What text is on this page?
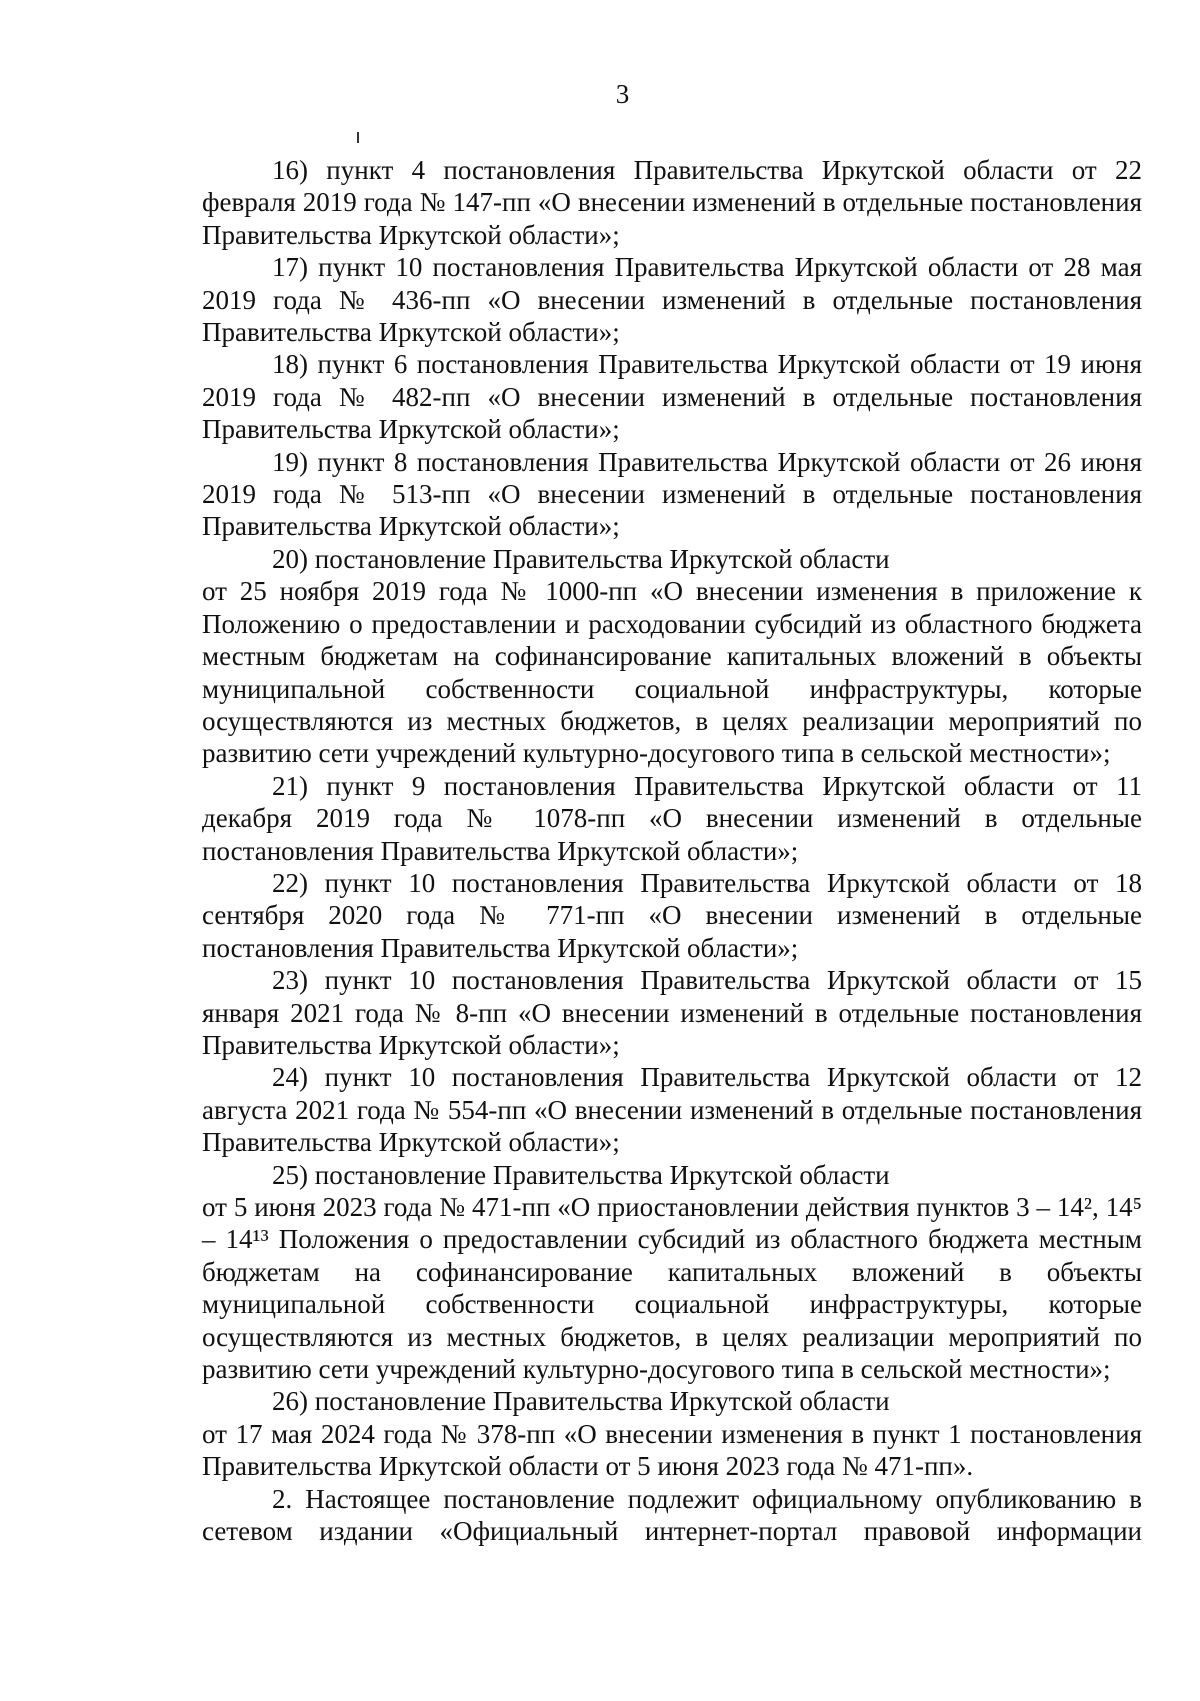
3

16) пункт 4 постановления Правительства Иркутской области от 22 февраля 2019 года № 147-пп «О внесении изменений в отдельные постановления Правительства Иркутской области»;

17) пункт 10 постановления Правительства Иркутской области от 28 мая 2019 года № 436-пп «О внесении изменений в отдельные постановления Правительства Иркутской области»;

18) пункт 6 постановления Правительства Иркутской области от 19 июня 2019 года № 482-пп «О внесении изменений в отдельные постановления Правительства Иркутской области»;

19) пункт 8 постановления Правительства Иркутской области от 26 июня 2019 года № 513-пп «О внесении изменений в отдельные постановления Правительства Иркутской области»;

20) постановление Правительства Иркутской области
от 25 ноября 2019 года № 1000-пп «О внесении изменения в приложение к Положению о предоставлении и расходовании субсидий из областного бюджета местным бюджетам на софинансирование капитальных вложений в объекты муниципальной собственности социальной инфраструктуры, которые осуществляются из местных бюджетов, в целях реализации мероприятий по развитию сети учреждений культурно-досугового типа в сельской местности»;

21) пункт 9 постановления Правительства Иркутской области от 11 декабря 2019 года № 1078-пп «О внесении изменений в отдельные постановления Правительства Иркутской области»;

22) пункт 10 постановления Правительства Иркутской области от 18 сентября 2020 года № 771-пп «О внесении изменений в отдельные постановления Правительства Иркутской области»;

23) пункт 10 постановления Правительства Иркутской области от 15 января 2021 года № 8-пп «О внесении изменений в отдельные постановления Правительства Иркутской области»;

24) пункт 10 постановления Правительства Иркутской области от 12 августа 2021 года № 554-пп «О внесении изменений в отдельные постановления Правительства Иркутской области»;

25) постановление Правительства Иркутской области
от 5 июня 2023 года № 471-пп «О приостановлении действия пунктов 3 – 14², 14⁵ – 14¹³ Положения о предоставлении субсидий из областного бюджета местным бюджетам на софинансирование капитальных вложений в объекты муниципальной собственности социальной инфраструктуры, которые осуществляются из местных бюджетов, в целях реализации мероприятий по развитию сети учреждений культурно-досугового типа в сельской местности»;

26) постановление Правительства Иркутской области
от 17 мая 2024 года № 378-пп «О внесении изменения в пункт 1 постановления Правительства Иркутской области от 5 июня 2023 года № 471-пп».

2. Настоящее постановление подлежит официальному опубликованию в сетевом издании «Официальный интернет-портал правовой информации
